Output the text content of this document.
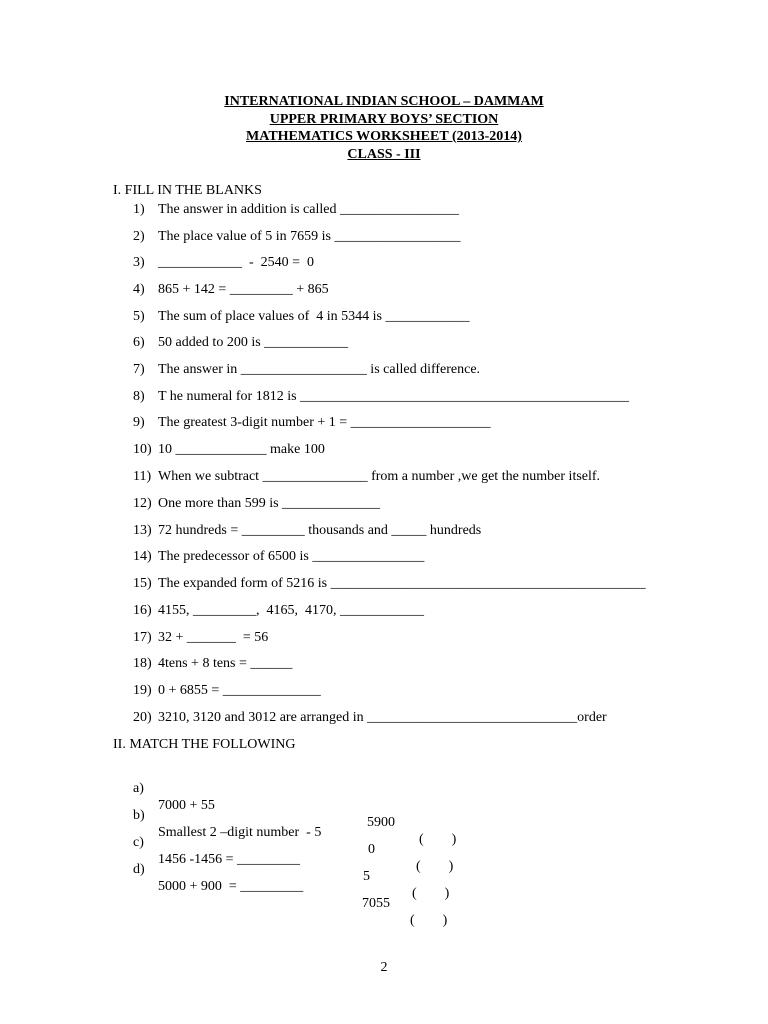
INTERNATIONAL INDIAN SCHOOL – DAMMAM
UPPER PRIMARY BOYS’ SECTION
MATHEMATICS WORKSHEET (2013-2014)
CLASS - III
I. FILL IN THE BLANKS
1) The answer in addition is called _________________
2) The place value of 5 in 7659 is __________________
3) ____________  -  2540 =  0
4) 865 + 142 = _________ + 865
5) The sum of place values of  4 in 5344 is ____________
6) 50 added to 200 is ____________
7) The answer in __________________ is called difference.
8) T he numeral for 1812 is _______________________________________________
9) The greatest 3-digit number + 1 = ____________________
10) 10 _____________ make 100
11) When we subtract _______________ from a number ,we get the number itself.
12) One more than 599 is ______________
13) 72 hundreds = _________ thousands and _____ hundreds
14) The predecessor of 6500 is ________________
15) The expanded form of 5216 is _____________________________________________
16) 4155, _________,  4165,  4170, ____________
17) 32 + _______  = 56
18) 4tens + 8 tens = ______
19) 0 + 6855 = ______________
20) 3210, 3120 and 3012 are arranged in ______________________________order
II. MATCH THE FOLLOWING

a)

7000 + 55

5900

(        )

b)

Smallest 2 –digit number  - 5

0

(        )

c)

1456 -1456 = _________

5

(        )

d)

5000 + 900  = _________

7055

(        )

2
